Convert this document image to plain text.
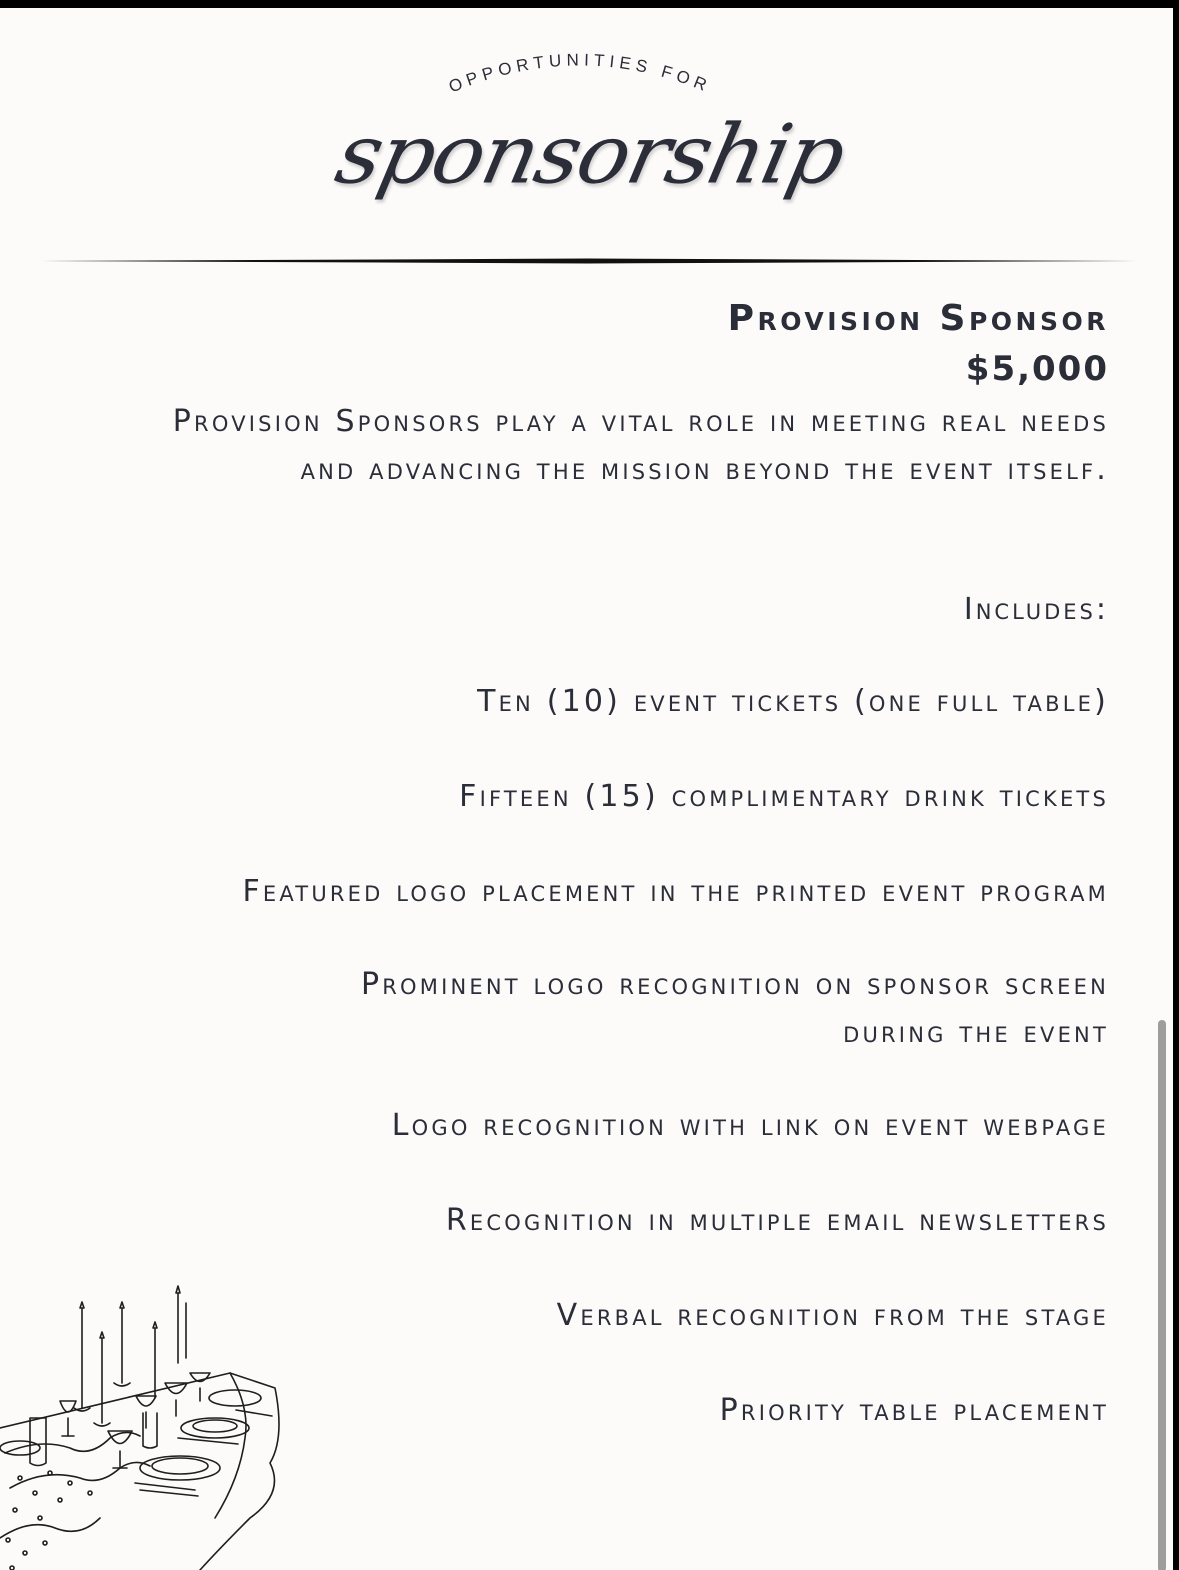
OPPORTUNITIES FOR
sponsorship
Provision Sponsor
$5,000
Provision Sponsors play a vital role in meeting real needs and advancing the mission beyond the event itself.
Includes:
Ten (10) event tickets (one full table)
Fifteen (15) complimentary drink tickets
Featured logo placement in the printed event program
Prominent logo recognition on sponsor screen during the event
Logo recognition with link on event webpage
Recognition in multiple email newsletters
Verbal recognition from the stage
Priority table placement
